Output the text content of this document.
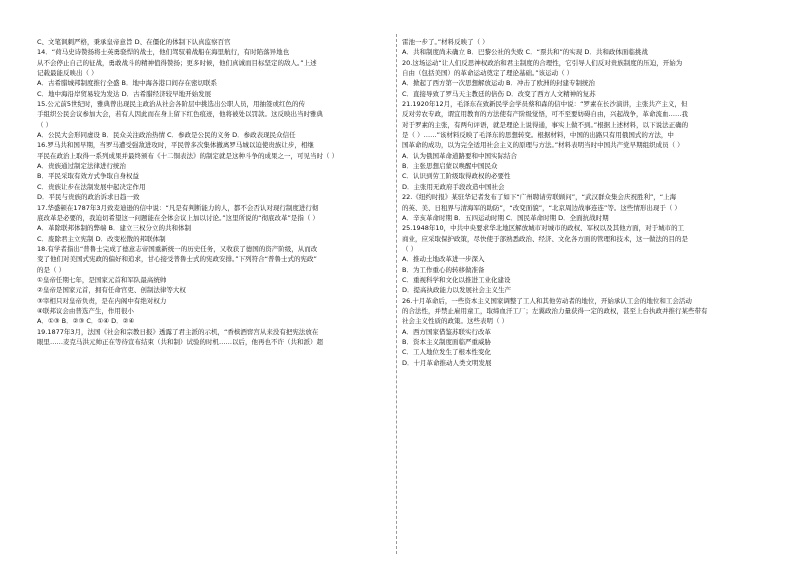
C、文笔讽刺严格，秉承皇帝意旨 D、在僵化的体制下认真监察百官
14．“荷马史诗赞扬将士英勇骁悍的战士，他们驾驭着战船在海里航行，有时陷落异地也
从不会停止自己的征战，勇敢战斗的精神值得赞扬；更多时候，他们真诚而目标坚定的敌人。”上述
记载最能反映出（ ）
A．古希腊城邦制度推行全盛 B．地中海各港口间存在密切联系
C．地中海沿岸贸易较为发达 D．古希腊经济较早地开始发展
15.公元前5世纪时，雅典曾出现民主政治从社会各阶层中挑选出公职人员，用抽签或红色的传
手组织公民会议参加大会，若有人因此而在身上留下红色痕迹，他将被处以罚款。这反映出当时雅典
（ ）
A．公民大会形同虚设 B．民众关注政治热情 C．参政是公民的义务 D．参政表现民众信任
16.罗马共和国早期，当罗马遭受强敌进攻时，平民曾多次集体撤离罗马城以迫使贵族让步，相继
平民在政治上取得一系列成果并最终颁布《十二铜表法》的制定就是这种斗争的成果之一，可见当时（ ）
A．贵族通过制定法律进行统治
B．平民采取有效方式争取自身权益
C．贵族让步在法制发展中起决定作用
D．平民与贵族的政治诉求日趋一致
17.华盛顿在1787年3月致麦迪逊的信中说：“凡是有判断能力的人，都不会否认对现行制度进行彻
底改革是必要的，我迫切希望这一问题能在全体会议上加以讨论。”这里所说的“彻底改革”是指（ ）
A．革除联邦体制的弊端 B．建立三权分立的共和体制
C．废除君主立宪制 D．改变松散的邦联体制
18.有学者指出“普鲁士完成了德意志帝国重新统一的历史任务，又收获了德国的资产阶级，从而改
变了他们对美国式宪政的偏好和追求，甘心接受普鲁士式的宪政安排。”下列符合“普鲁士式的宪政”
的是（ ）
①皇帝任期七年，是国家元首和军队最高统帅
②皇帝是国家元首，拥有任命官吏、创制法律等大权
③宰相只对皇帝负责，是在内阁中有绝对权力
④联邦议会由普选产生，作用很小
A．①③ B．②③ C．①④ D．②④
19.1877年3月，法国《社会和宗教日报》透露了君主派的示机，“香槟酒窖宫从来没有把宪法放在
眼里……麦克马洪元帅正在等待宣布结束（共和制）试验的时机……以后，他再也不许（共和派）超
雷池一步了。”材料反映了（ ）
A．共和制度尚未确立 B．巴黎公社的失败 C．“票共和”的实现 D．共和政体面临挑战
20.这场运动“让人们反思神权政治和君主制度的合理性，它引导人们反对贵族制度的压迫，开始为
自由（包括美国）的革命运动奠定了理论基础。”该运动（ ）
A．掀起了西方第一次思想解放运动 B．冲击了欧洲的封建专制统治
C．直接导致了罗马天主教廷的倍伤 D．改变了西方人文精神的复苏
21.1920年12月，毛泽东在致新民学会学员蔡和森的信中说：“罗素在长沙演讲，主张共产主义，但
反对劳农专政，谓宜用教育的方法使有产阶级觉悟，可不至要妨碍自由，兴起战争，革命流血……我
对于罗素的主张，有两句评语，就是理论上说得通，事实上做不到。”根据上述材料，以下说法正确的
是（ ）……”该材料反映了毛泽东的思想转变。根据材料，中国的出路只有用俄国式的方法，中
国革命的成功，以为完全适用社会主义的原理与方法。”材料表明当时中国共产党早期组织成员（ ）
A．认为俄国革命道路要和中国实际结合
B．主张思想启蒙以唤醒中国民众
C．认识到劳工阶级取得政权的必要性
D．主张用无政府手段改造中国社会
22.《纽约时报》某驻华记者发布了如下“广州聘请劳联顾问”，“武汉群众集会庆祝胜利”，“上海
的英、美、日租界与清海军的助防”，“改变面貌”，“北京周边战事连连”等。这些情形出现于（ ）
A．辛亥革命时期 B．五四运动时期 C．国民革命时期 D．全面抗战时期
25.1948年10，中共中央要求华北地区解放城市对城市的政权、军权以及其他方面，对于城市的工
商业，应采取保护政策，尽快使于部熟悉政治、经济、文化各方面的管理和技术，这一做法的目的是
（ ）
A．推动土地改革进一步深入
B．为工作重心的转移做准备
C．重视科学和文化以推进工业化建设
D．提高执政能力以发展社会主义生产
26.十月革命后，一些资本主义国家调整了工人和其他劳动者的地位，开始承认工会的地位和工会活动
的合法性，并禁止雇用童工，取缔血汗工厂；左翼政治力量获得一定的政权，甚至上台执政并推行某些带有
社会主义性质的政策。这些表明（ ）
A．西方国家借鉴苏联实行改革
B．资本主义制度面临严重威胁
C．工人地位发生了根本性变化
D．十月革命推动人类文明发展
